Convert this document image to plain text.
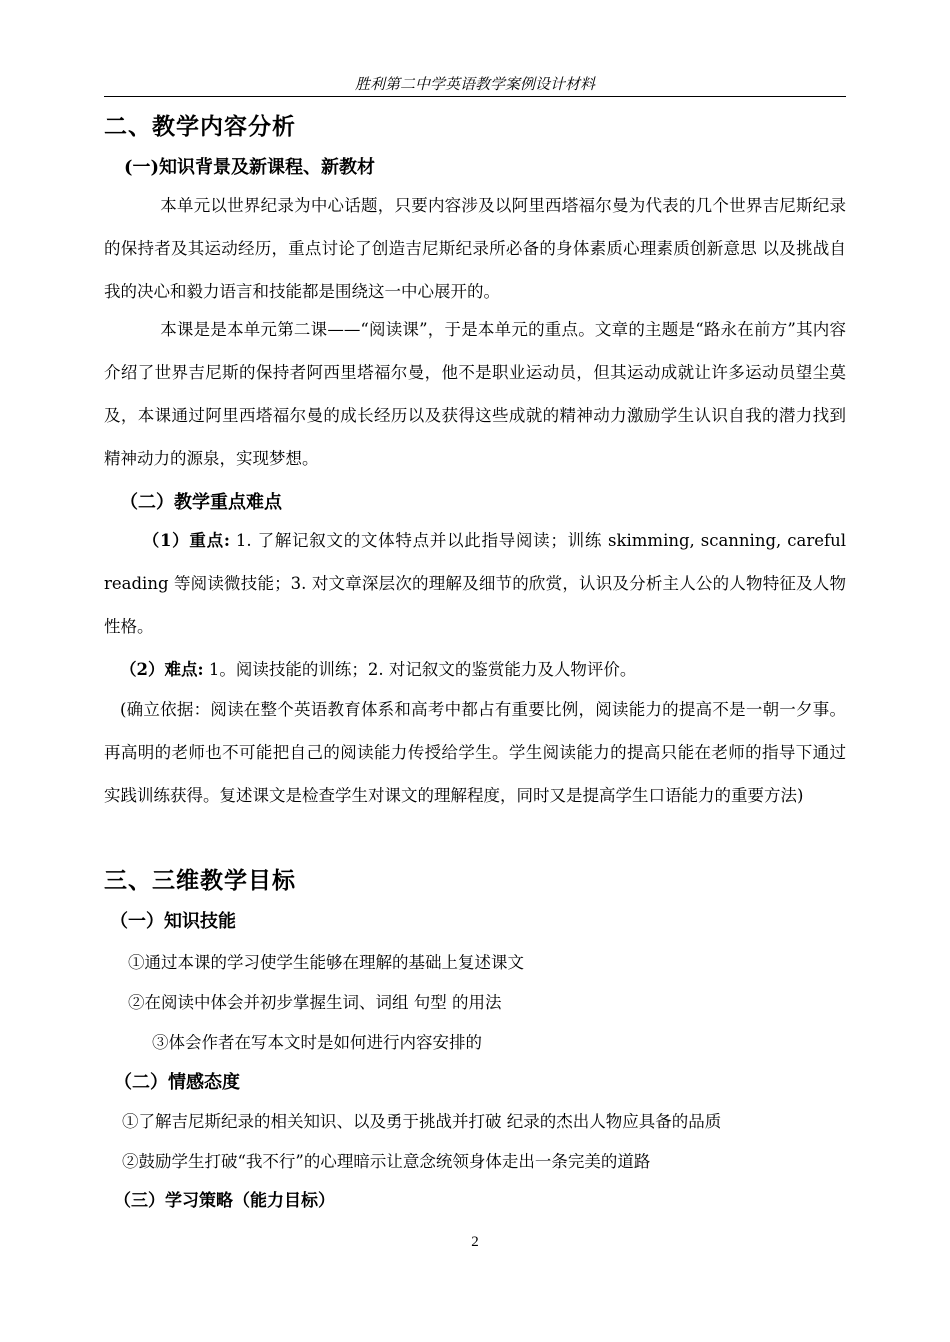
胜利第二中学英语教学案例设计材料
二、教学内容分析
(一)知识背景及新课程、新教材
本单元以世界纪录为中心话题，只要内容涉及以阿里西塔福尔曼为代表的几个世界吉尼斯纪录的保持者及其运动经历，重点讨论了创造吉尼斯纪录所必备的身体素质心理素质创新意思 以及挑战自我的决心和毅力语言和技能都是围绕这一中心展开的。
本课是是本单元第二课——“阅读课”，于是本单元的重点。文章的主题是“路永在前方”其内容介绍了世界吉尼斯的保持者阿西里塔福尔曼，他不是职业运动员，但其运动成就让许多运动员望尘莫及，本课通过阿里西塔福尔曼的成长经历以及获得这些成就的精神动力激励学生认识自我的潜力找到精神动力的源泉，实现梦想。
（二）教学重点难点
（1）重点: 1. 了解记叙文的文体特点并以此指导阅读；训练 skimming, scanning, careful reading 等阅读微技能；3. 对文章深层次的理解及细节的欣赏，认识及分析主人公的人物特征及人物性格。
（2）难点: 1。阅读技能的训练；2. 对记叙文的鉴赏能力及人物评价。
(确立依据：阅读在整个英语教育体系和高考中都占有重要比例，阅读能力的提高不是一朝一夕事。再高明的老师也不可能把自己的阅读能力传授给学生。学生阅读能力的提高只能在老师的指导下通过实践训练获得。复述课文是检查学生对课文的理解程度，同时又是提高学生口语能力的重要方法)
三、三维教学目标
（一）知识技能
①通过本课的学习使学生能够在理解的基础上复述课文
②在阅读中体会并初步掌握生词、词组 句型 的用法
③体会作者在写本文时是如何进行内容安排的
（二）情感态度
①了解吉尼斯纪录的相关知识、以及勇于挑战并打破 纪录的杰出人物应具备的品质
②鼓励学生打破“我不行”的心理暗示让意念统领身体走出一条完美的道路
（三）学习策略（能力目标）
2
